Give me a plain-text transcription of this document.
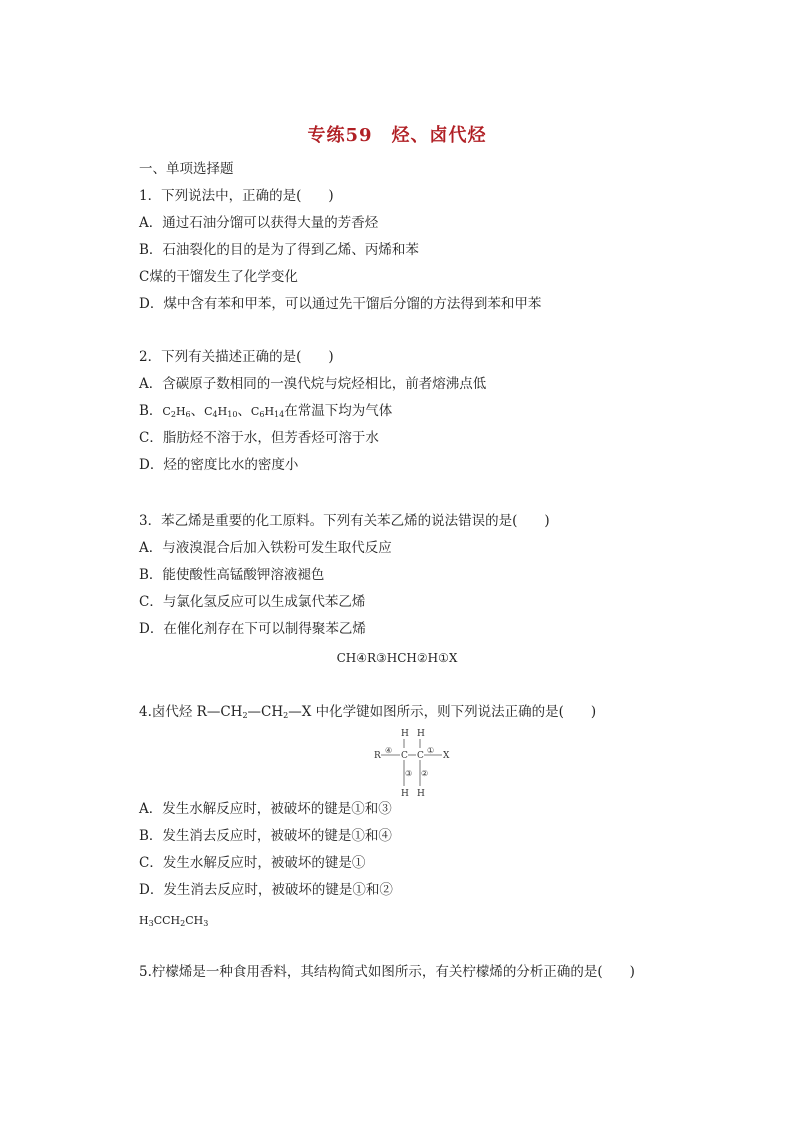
专练59　烃、卤代烃
一、单项选择题
1．下列说法中，正确的是(　　)
A．通过石油分馏可以获得大量的芳香烃
B．石油裂化的目的是为了得到乙烯、丙烯和苯
C煤的干馏发生了化学变化
D．煤中含有苯和甲苯，可以通过先干馏后分馏的方法得到苯和甲苯
2．下列有关描述正确的是(　　)
A．含碳原子数相同的一溴代烷与烷烃相比，前者熔沸点低
B．$C_2H_6$、$C_4H_{10}$、$C_6H_{14}$在常温下均为气体
C．脂肪烃不溶于水，但芳香烃可溶于水
D．烃的密度比水的密度小
3．苯乙烯是重要的化工原料。下列有关苯乙烯的说法错误的是(　　)
A．与液溴混合后加入铁粉可发生取代反应
B．能使酸性高锰酸钾溶液褪色
C．与氯化氢反应可以生成氯代苯乙烯
D．在催化剂存在下可以制得聚苯乙烯
CH④R③HCH②H①X
4.卤代烃 $R—CH_2—CH_2—X$ 中化学键如图所示，则下列说法正确的是(　　)
R	X
C C
H H
H H
④	①
③ ②
A．发生水解反应时，被破坏的键是①和③
B．发生消去反应时，被破坏的键是①和④
C．发生水解反应时，被破坏的键是①
D．发生消去反应时，被破坏的键是①和②
$H_3CCH_2CH_3$
5.柠檬烯是一种食用香料，其结构简式如图所示，有关柠檬烯的分析正确的是(　　)
